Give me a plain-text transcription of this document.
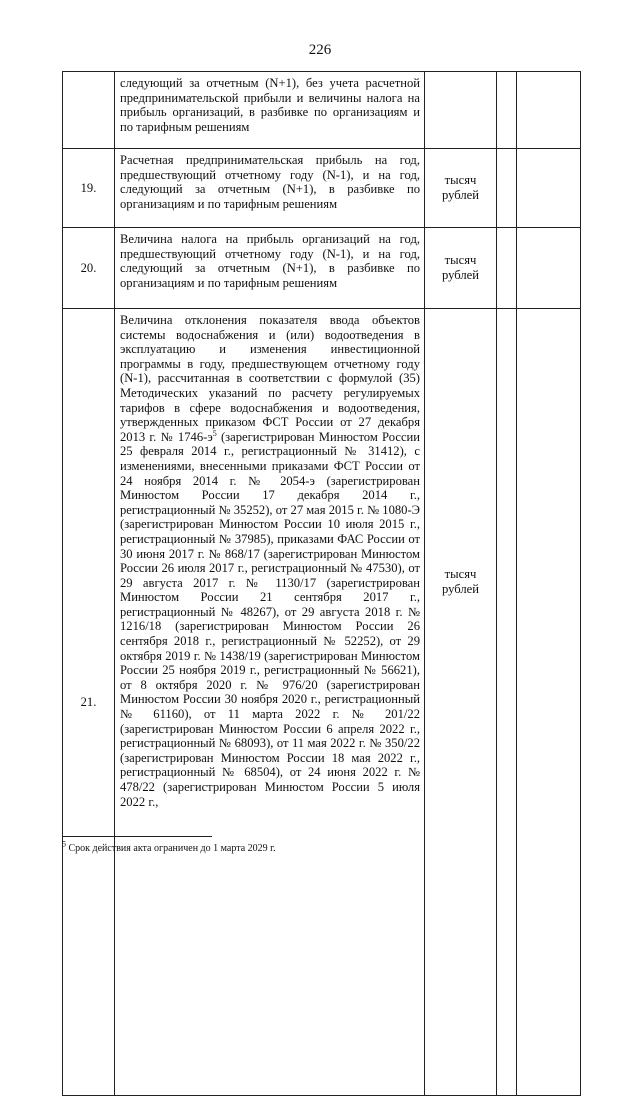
226
	следующий за отчетным (N+1), без учета расчетной предпринимательской прибыли и величины налога на прибыль организаций, в разбивке по организациям и по тарифным решениям			
19.	Расчетная предпринимательская прибыль на год, предшествующий отчетному году (N-1), и на год, следующий за отчетным (N+1), в разбивке по организациям и по тарифным решениям	тысяч
рублей		

20.	Величина налога на прибыль организаций на год, предшествующий отчетному году (N-1), и на год, следующий за отчетным (N+1), в разбивке по организациям и по тарифным решениям	тысяч
рублей		

21.	Величина отклонения показателя ввода объектов системы водоснабжения и (или) водоотведения в эксплуатацию и изменения инвестиционной программы в году, предшествующем отчетному году (N-1), рассчитанная в соответствии с формулой (35) Методических указаний по расчету регулируемых тарифов в сфере водоснабжения и водоотведения, утвержденных приказом ФСТ России от 27 декабря 2013 г. № $1746-э^5$ (зарегистрирован Минюстом России 25 февраля 2014 г., регистрационный № 31412), с изменениями, внесенными приказами ФСТ России от 24 ноября 2014 г. № 2054-э (зарегистрирован Минюстом России 17 декабря 2014 г., регистрационный № 35252), от 27 мая 2015 г. № 1080-Э (зарегистрирован Минюстом России 10 июля 2015 г., регистрационный № 37985), приказами ФАС России от 30 июня 2017 г. № 868/17 (зарегистрирован Минюстом России 26 июля 2017 г., регистрационный № 47530), от 29 августа 2017 г. № 1130/17 (зарегистрирован Минюстом России 21 сентября 2017 г., регистрационный № 48267), от 29 августа 2018 г. № 1216/18 (зарегистрирован Минюстом России 26 сентября 2018 г., регистрационный № 52252), от 29 октября 2019 г. № 1438/19 (зарегистрирован Минюстом России 25 ноября 2019 г., регистрационный № 56621), от 8 октября 2020 г. № 976/20 (зарегистрирован Минюстом России 30 ноября 2020 г., регистрационный № 61160), от 11 марта 2022 г. № 201/22 (зарегистрирован Минюстом России 6 апреля 2022 г., регистрационный № 68093), от 11 мая 2022 г. № 350/22 (зарегистрирован Минюстом России 18 мая 2022 г., регистрационный № 68504), от 24 июня 2022 г. № 478/22 (зарегистрирован Минюстом России 5 июля 2022 г.,	тысяч
рублей		

$^5$ Срок действия акта ограничен до 1 марта 2029 г.
